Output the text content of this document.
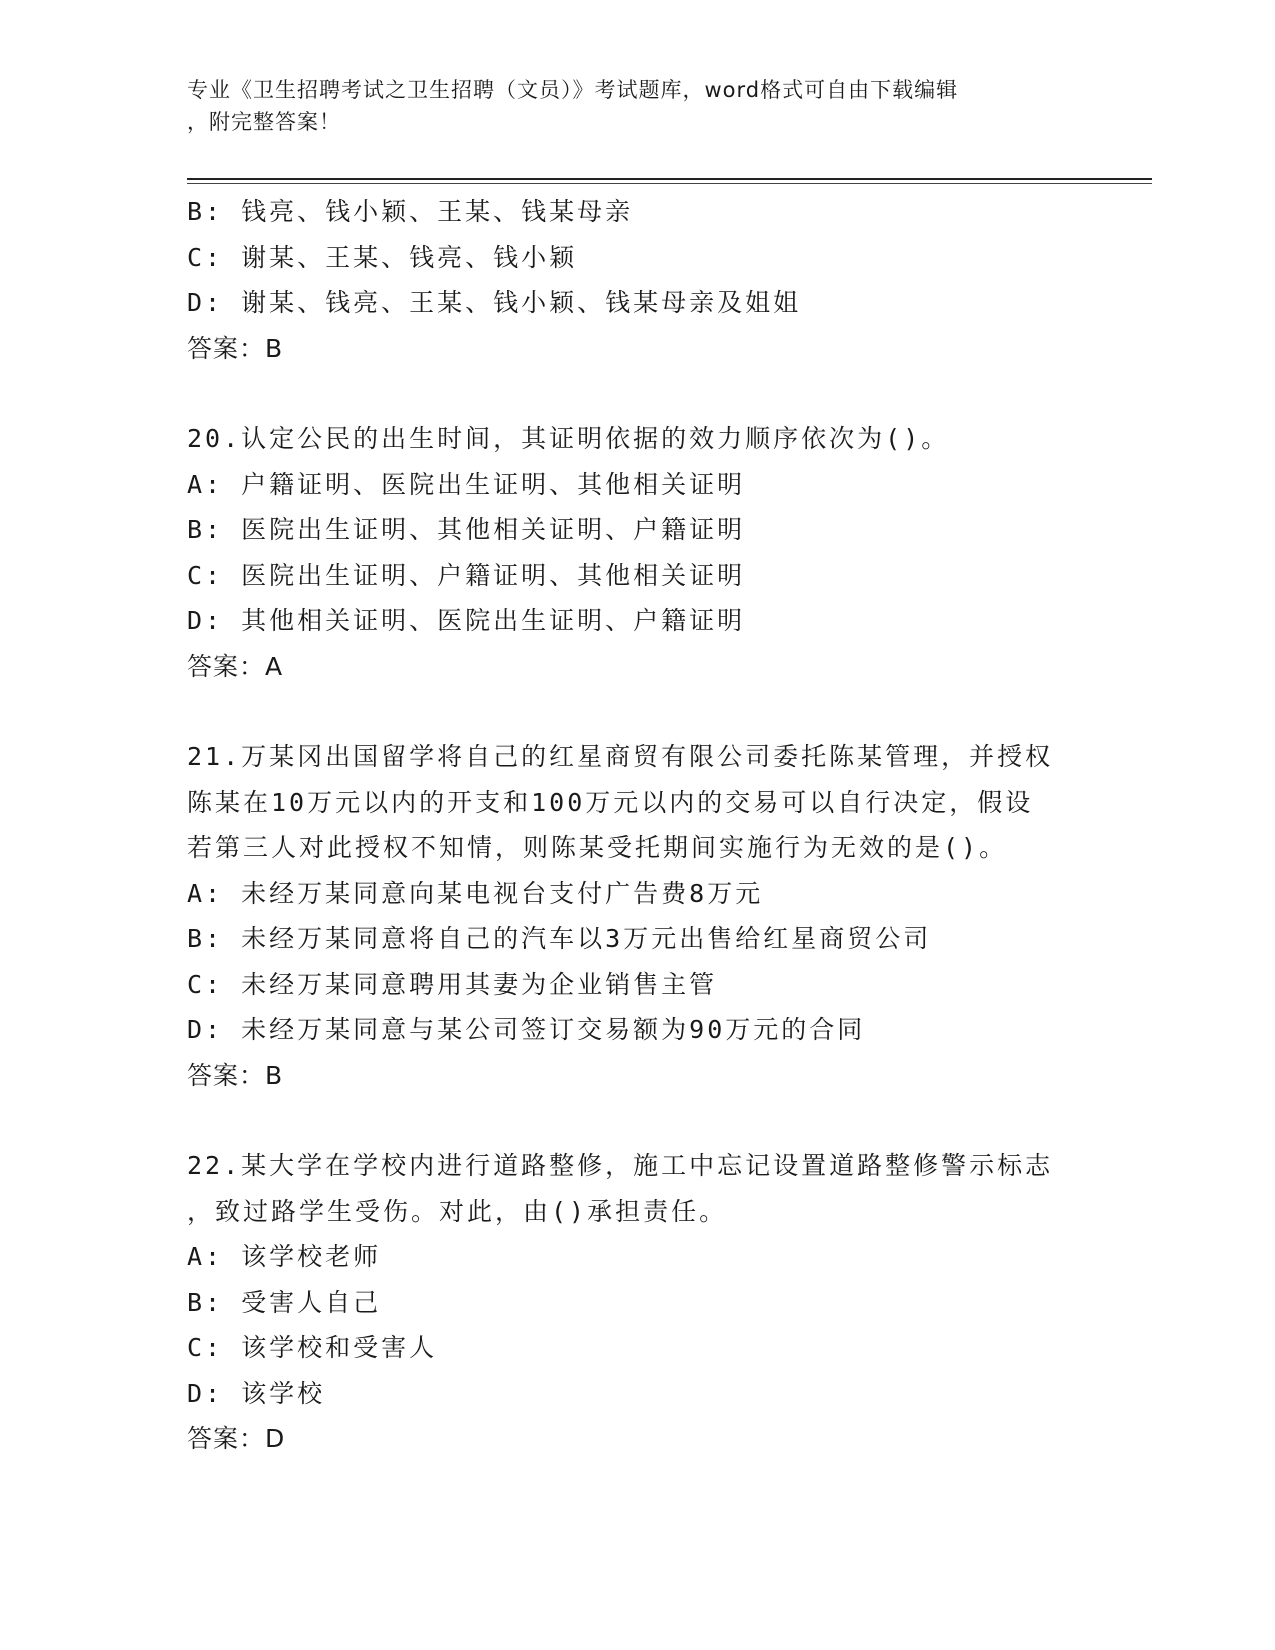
专业《卫生招聘考试之卫生招聘（文员）》考试题库，word格式可自由下载编辑
，附完整答案！
B: 钱亮、钱小颖、王某、钱某母亲
C: 谢某、王某、钱亮、钱小颖
D: 谢某、钱亮、王某、钱小颖、钱某母亲及姐姐
答案：B
20.认定公民的出生时间，其证明依据的效力顺序依次为()。
A: 户籍证明、医院出生证明、其他相关证明
B: 医院出生证明、其他相关证明、户籍证明
C: 医院出生证明、户籍证明、其他相关证明
D: 其他相关证明、医院出生证明、户籍证明
答案：A
21.万某冈出国留学将自己的红星商贸有限公司委托陈某管理，并授权
陈某在10万元以内的开支和100万元以内的交易可以自行决定，假设
若第三人对此授权不知情，则陈某受托期间实施行为无效的是()。
A: 未经万某同意向某电视台支付广告费8万元
B: 未经万某同意将自己的汽车以3万元出售给红星商贸公司
C: 未经万某同意聘用其妻为企业销售主管
D: 未经万某同意与某公司签订交易额为90万元的合同
答案：B
22.某大学在学校内进行道路整修，施工中忘记设置道路整修警示标志
，致过路学生受伤。对此，由()承担责任。
A: 该学校老师
B: 受害人自己
C: 该学校和受害人
D: 该学校
答案：D
